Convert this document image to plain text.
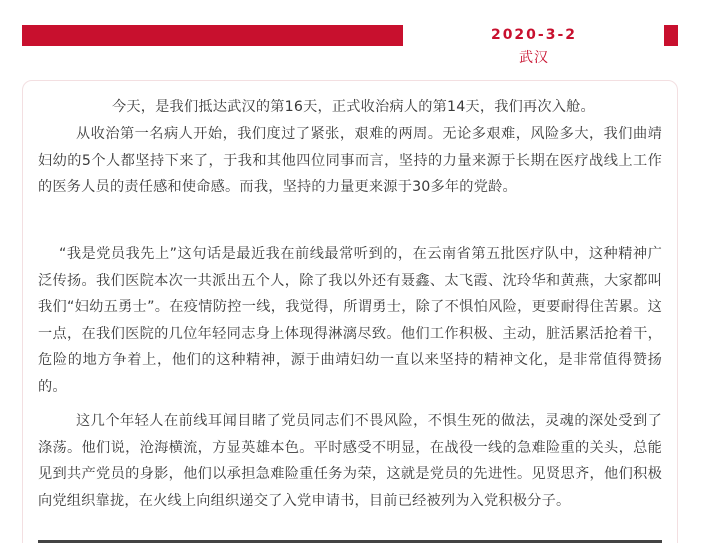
2020-3-2
武汉

今天，是我们抵达武汉的第16天，正式收治病人的第14天，我们再次入舱。

从收治第一名病人开始，我们度过了紧张，艰难的两周。无论多艰难，风险多大，我们曲靖妇幼的5个人都坚持下来了，于我和其他四位同事而言，坚持的力量来源于长期在医疗战线上工作的医务人员的责任感和使命感。而我，坚持的力量更来源于30多年的党龄。

“我是党员我先上”这句话是最近我在前线最常听到的，在云南省第五批医疗队中，这种精神广泛传扬。我们医院本次一共派出五个人，除了我以外还有聂鑫、太飞霞、沈玲华和黄燕，大家都叫我们“妇幼五勇士”。在疫情防控一线，我觉得，所谓勇士，除了不惧怕风险，更要耐得住苦累。这一点，在我们医院的几位年轻同志身上体现得淋漓尽致。他们工作积极、主动，脏活累活抢着干，危险的地方争着上，他们的这种精神，源于曲靖妇幼一直以来坚持的精神文化，是非常值得赞扬的。

这几个年轻人在前线耳闻目睹了党员同志们不畏风险，不惧生死的做法，灵魂的深处受到了涤荡。他们说，沧海横流，方显英雄本色。平时感受不明显，在战役一线的急难险重的关头，总能见到共产党员的身影，他们以承担急难险重任务为荣，这就是党员的先进性。见贤思齐，他们积极向党组织靠拢，在火线上向组织递交了入党申请书，目前已经被列为入党积极分子。
